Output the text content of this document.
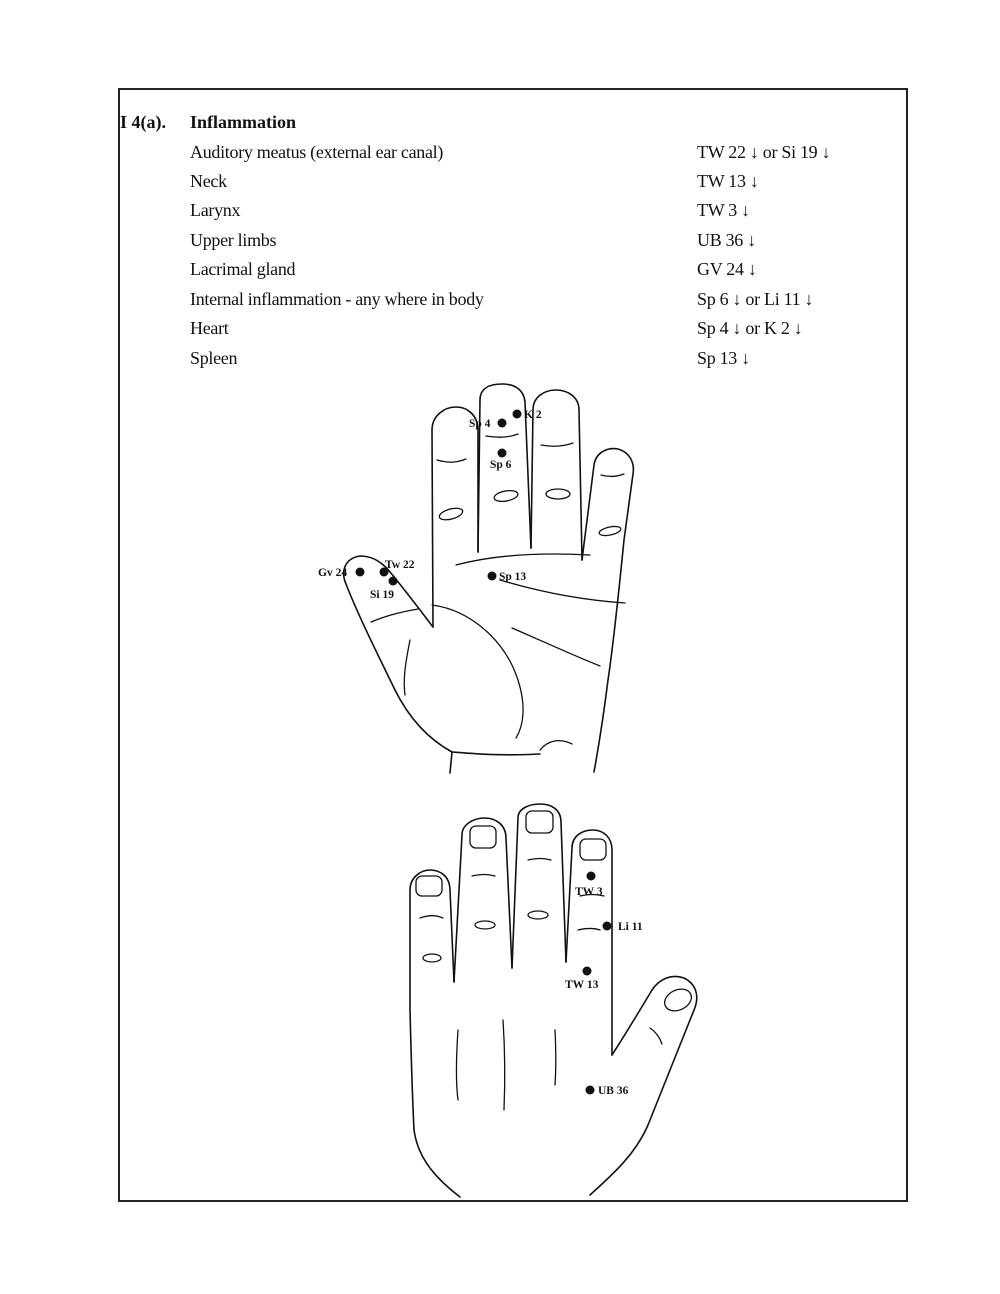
I 4(a). Inflammation
Auditory meatus (external ear canal)	TW 22 ↓ or Si 19 ↓
Neck	TW 13 ↓
Larynx	TW 3 ↓
Upper limbs	UB 36 ↓
Lacrimal gland	GV 24 ↓
Internal inflammation - any where in body	Sp 6 ↓ or Li 11 ↓
Heart	Sp 4 ↓ or K 2 ↓
Spleen	Sp 13 ↓
Sp 4
K 2
Sp 6
Gv 24
Tw 22
Si 19
Sp 13
TW 3
Li 11
TW 13
UB 36
